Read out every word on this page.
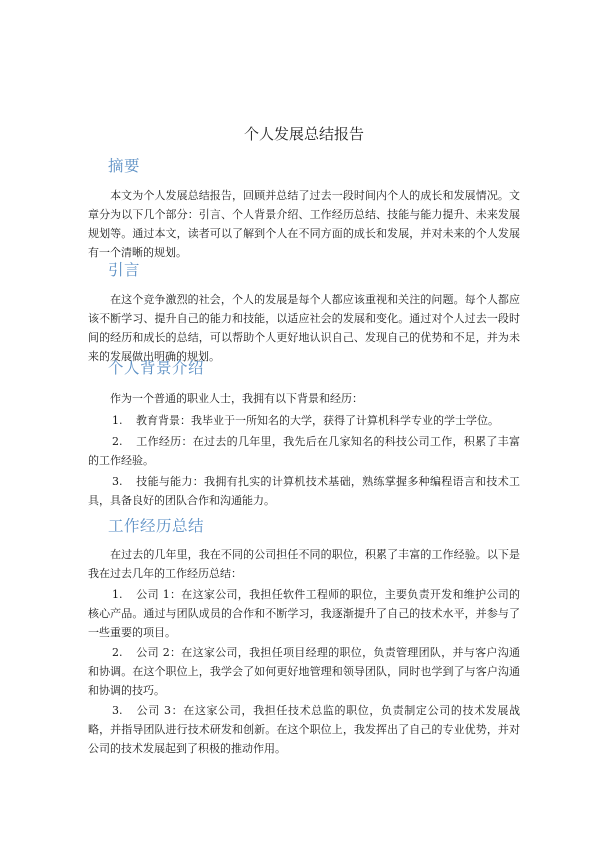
个人发展总结报告
摘要
本文为个人发展总结报告，回顾并总结了过去一段时间内个人的成长和发展情况。文章分为以下几个部分：引言、个人背景介绍、工作经历总结、技能与能力提升、未来发展规划等。通过本文，读者可以了解到个人在不同方面的成长和发展，并对未来的个人发展有一个清晰的规划。
引言
在这个竞争激烈的社会，个人的发展是每个人都应该重视和关注的问题。每个人都应该不断学习、提升自己的能力和技能，以适应社会的发展和变化。通过对个人过去一段时间的经历和成长的总结，可以帮助个人更好地认识自己、发现自己的优势和不足，并为未来的发展做出明确的规划。
个人背景介绍
作为一个普通的职业人士，我拥有以下背景和经历：
1. 教育背景：我毕业于一所知名的大学，获得了计算机科学专业的学士学位。
2. 工作经历：在过去的几年里，我先后在几家知名的科技公司工作，积累了丰富的工作经验。
3. 技能与能力：我拥有扎实的计算机技术基础，熟练掌握多种编程语言和技术工具，具备良好的团队合作和沟通能力。
工作经历总结
在过去的几年里，我在不同的公司担任不同的职位，积累了丰富的工作经验。以下是我在过去几年的工作经历总结：
1. 公司 1：在这家公司，我担任软件工程师的职位，主要负责开发和维护公司的核心产品。通过与团队成员的合作和不断学习，我逐渐提升了自己的技术水平，并参与了一些重要的项目。
2. 公司 2：在这家公司，我担任项目经理的职位，负责管理团队，并与客户沟通和协调。在这个职位上，我学会了如何更好地管理和领导团队，同时也学到了与客户沟通和协调的技巧。
3. 公司 3：在这家公司，我担任技术总监的职位，负责制定公司的技术发展战略，并指导团队进行技术研发和创新。在这个职位上，我发挥出了自己的专业优势，并对公司的技术发展起到了积极的推动作用。
